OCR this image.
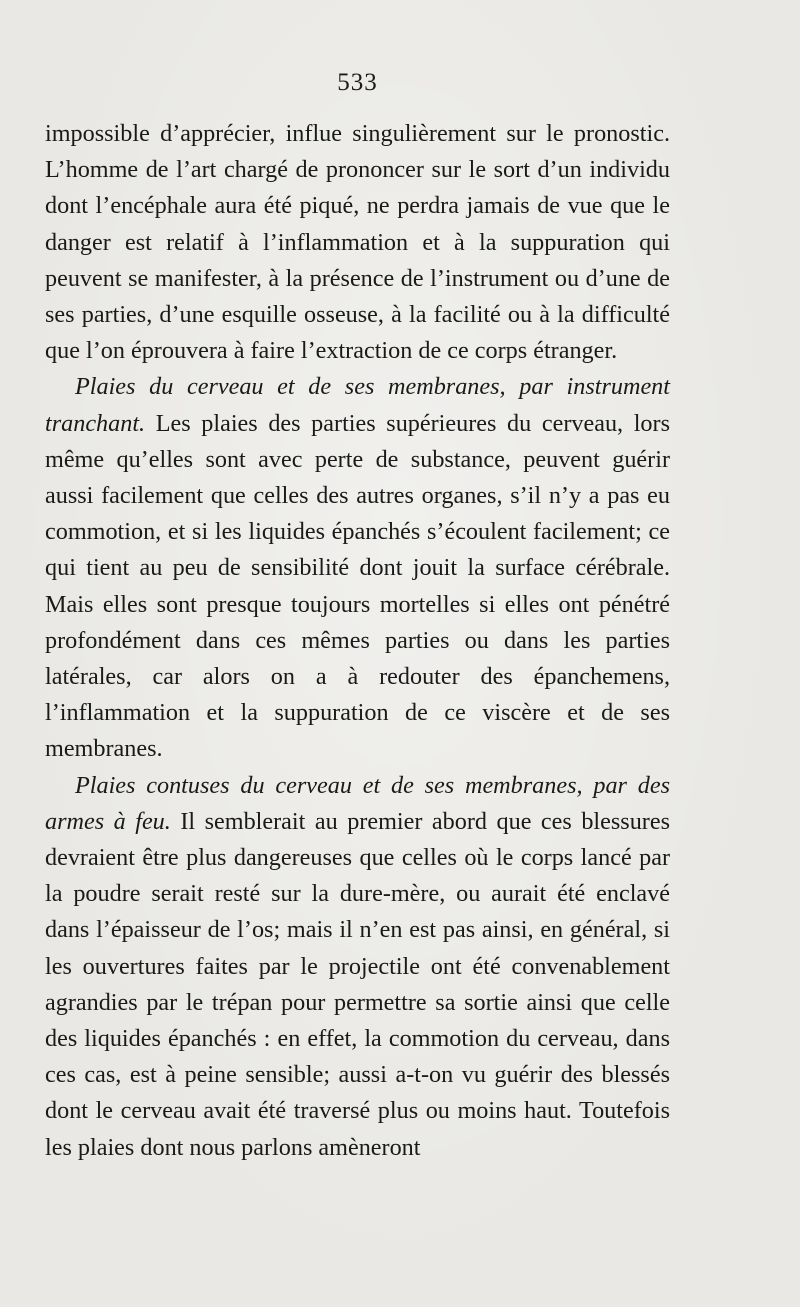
533

impossible d’apprécier, influe singulièrement sur le pronostic. L’homme de l’art chargé de prononcer sur le sort d’un individu dont l’encéphale aura été piqué, ne perdra jamais de vue que le danger est relatif à l’inflammation et à la suppuration qui peuvent se manifester, à la présence de l’instrument ou d’une de ses parties, d’une esquille osseuse, à la facilité ou à la difficulté que l’on éprouvera à faire l’extraction de ce corps étranger.

Plaies du cerveau et de ses membranes, par instrument tranchant. Les plaies des parties supérieures du cerveau, lors même qu’elles sont avec perte de substance, peuvent guérir aussi facilement que celles des autres organes, s’il n’y a pas eu commotion, et si les liquides épanchés s’écoulent facilement; ce qui tient au peu de sensibilité dont jouit la surface cérébrale. Mais elles sont presque toujours mortelles si elles ont pénétré profondément dans ces mêmes parties ou dans les parties latérales, car alors on a à redouter des épanchemens, l’inflammation et la suppuration de ce viscère et de ses membranes.

Plaies contuses du cerveau et de ses membranes, par des armes à feu. Il semblerait au premier abord que ces blessures devraient être plus dangereuses que celles où le corps lancé par la poudre serait resté sur la dure-mère, ou aurait été enclavé dans l’épaisseur de l’os; mais il n’en est pas ainsi, en général, si les ouvertures faites par le projectile ont été convenablement agrandies par le trépan pour permettre sa sortie ainsi que celle des liquides épanchés : en effet, la commotion du cerveau, dans ces cas, est à peine sensible; aussi a-t-on vu guérir des blessés dont le cerveau avait été traversé plus ou moins haut. Toutefois les plaies dont nous parlons amèneront
